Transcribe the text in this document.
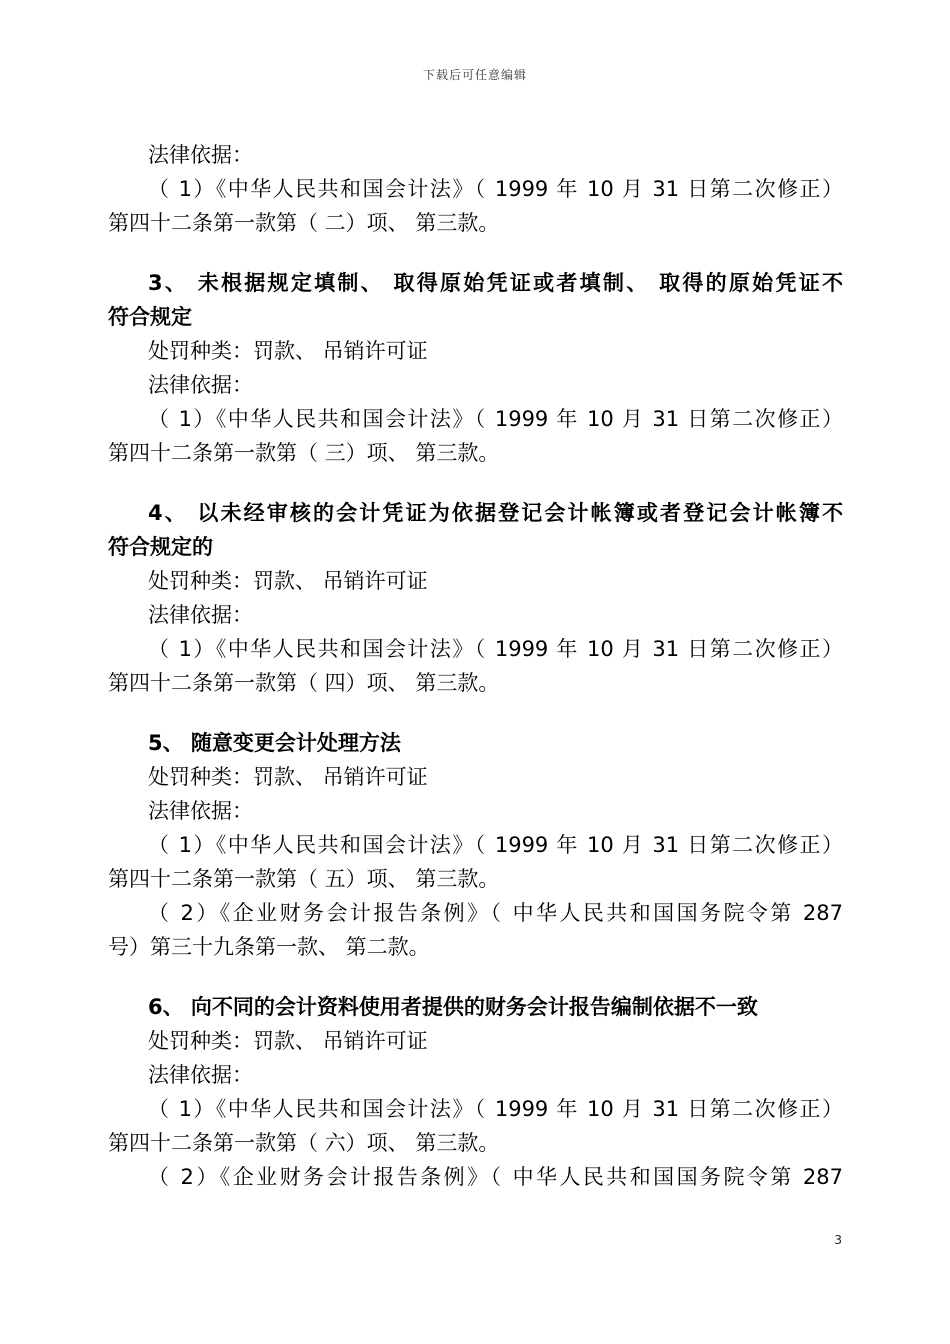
下载后可任意编辑
法律依据：
（ 1）《中华人民共和国会计法》（ 1999 年 10 月 31 日第二次修正）
第四十二条第一款第（ 二）项、 第三款。
3、 未根据规定填制、 取得原始凭证或者填制、 取得的原始凭证不
符合规定
处罚种类：罚款、 吊销许可证
法律依据：
（ 1）《中华人民共和国会计法》（ 1999 年 10 月 31 日第二次修正）
第四十二条第一款第（ 三）项、 第三款。
4、 以未经审核的会计凭证为依据登记会计帐簿或者登记会计帐簿不
符合规定的
处罚种类：罚款、 吊销许可证
法律依据：
（ 1）《中华人民共和国会计法》（ 1999 年 10 月 31 日第二次修正）
第四十二条第一款第（ 四）项、 第三款。
5、 随意变更会计处理方法
处罚种类：罚款、 吊销许可证
法律依据：
（ 1）《中华人民共和国会计法》（ 1999 年 10 月 31 日第二次修正）
第四十二条第一款第（ 五）项、 第三款。
（ 2）《企业财务会计报告条例》（ 中华人民共和国国务院令第 287
号）第三十九条第一款、 第二款。
6、 向不同的会计资料使用者提供的财务会计报告编制依据不一致
处罚种类：罚款、 吊销许可证
法律依据：
（ 1）《中华人民共和国会计法》（ 1999 年 10 月 31 日第二次修正）
第四十二条第一款第（ 六）项、 第三款。
（ 2）《企业财务会计报告条例》（ 中华人民共和国国务院令第 287
3
